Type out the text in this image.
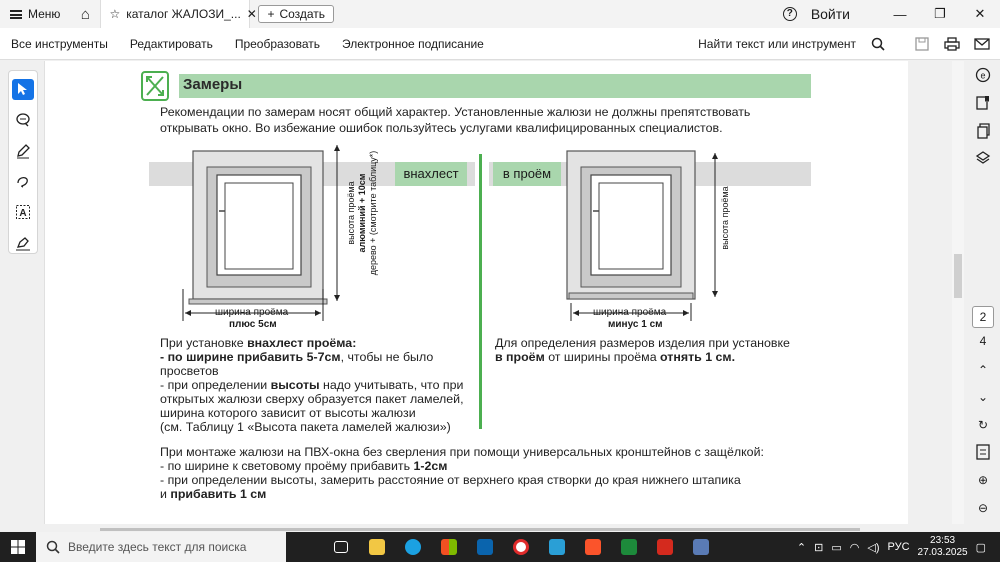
Меню	⌂	☆ каталог ЖАЛОЗИ_... ✕ + Создать	? Войти	—	❐	✕
Все инструменты Редактировать Преобразовать Электронное подписание	Найти текст или инструмент
A
Замеры
Рекомендации по замерам носят общий характер. Установленные жалюзи не должны препятствовать
открывать окно. Во избежание ошибок пользуйтесь услугами квалифицированных специалистов.
внахлест	в проём
ширина проёма
плюс 5см
высота проёма алюминий + 10см дерево + (смотрите таблицу*)
ширина проёма
минус 1 см
высота проёма
При установке внахлест проёма:
- по ширине прибавить 5-7см, чтобы не было
просветов
- при определении высоты надо учитывать, что при
открытых жалюзи сверху образуется пакет ламелей,
ширина которого зависит от высоты жалюзи
(см. Таблицу 1 «Высота пакета ламелей жалюзи»)
Для определения размеров изделия при установке
в проём от ширины проёма отнять 1 см.
При монтаже жалюзи на ПВХ-окна без сверления при помощи универсальных кронштейнов с защёлкой:
- по ширине к световому проёму прибавить 1-2см
- при определении высоты, замерить расстояние от верхнего края створки до края нижнего штапика
и прибавить 1 см
e
2
4
⌃
⌄
↻
⊕
⊖
Введите здесь текст для поиска	⌃ ⊡ ▭ ◠ ◁) РУС
23:53
27.03.2025 ▢
